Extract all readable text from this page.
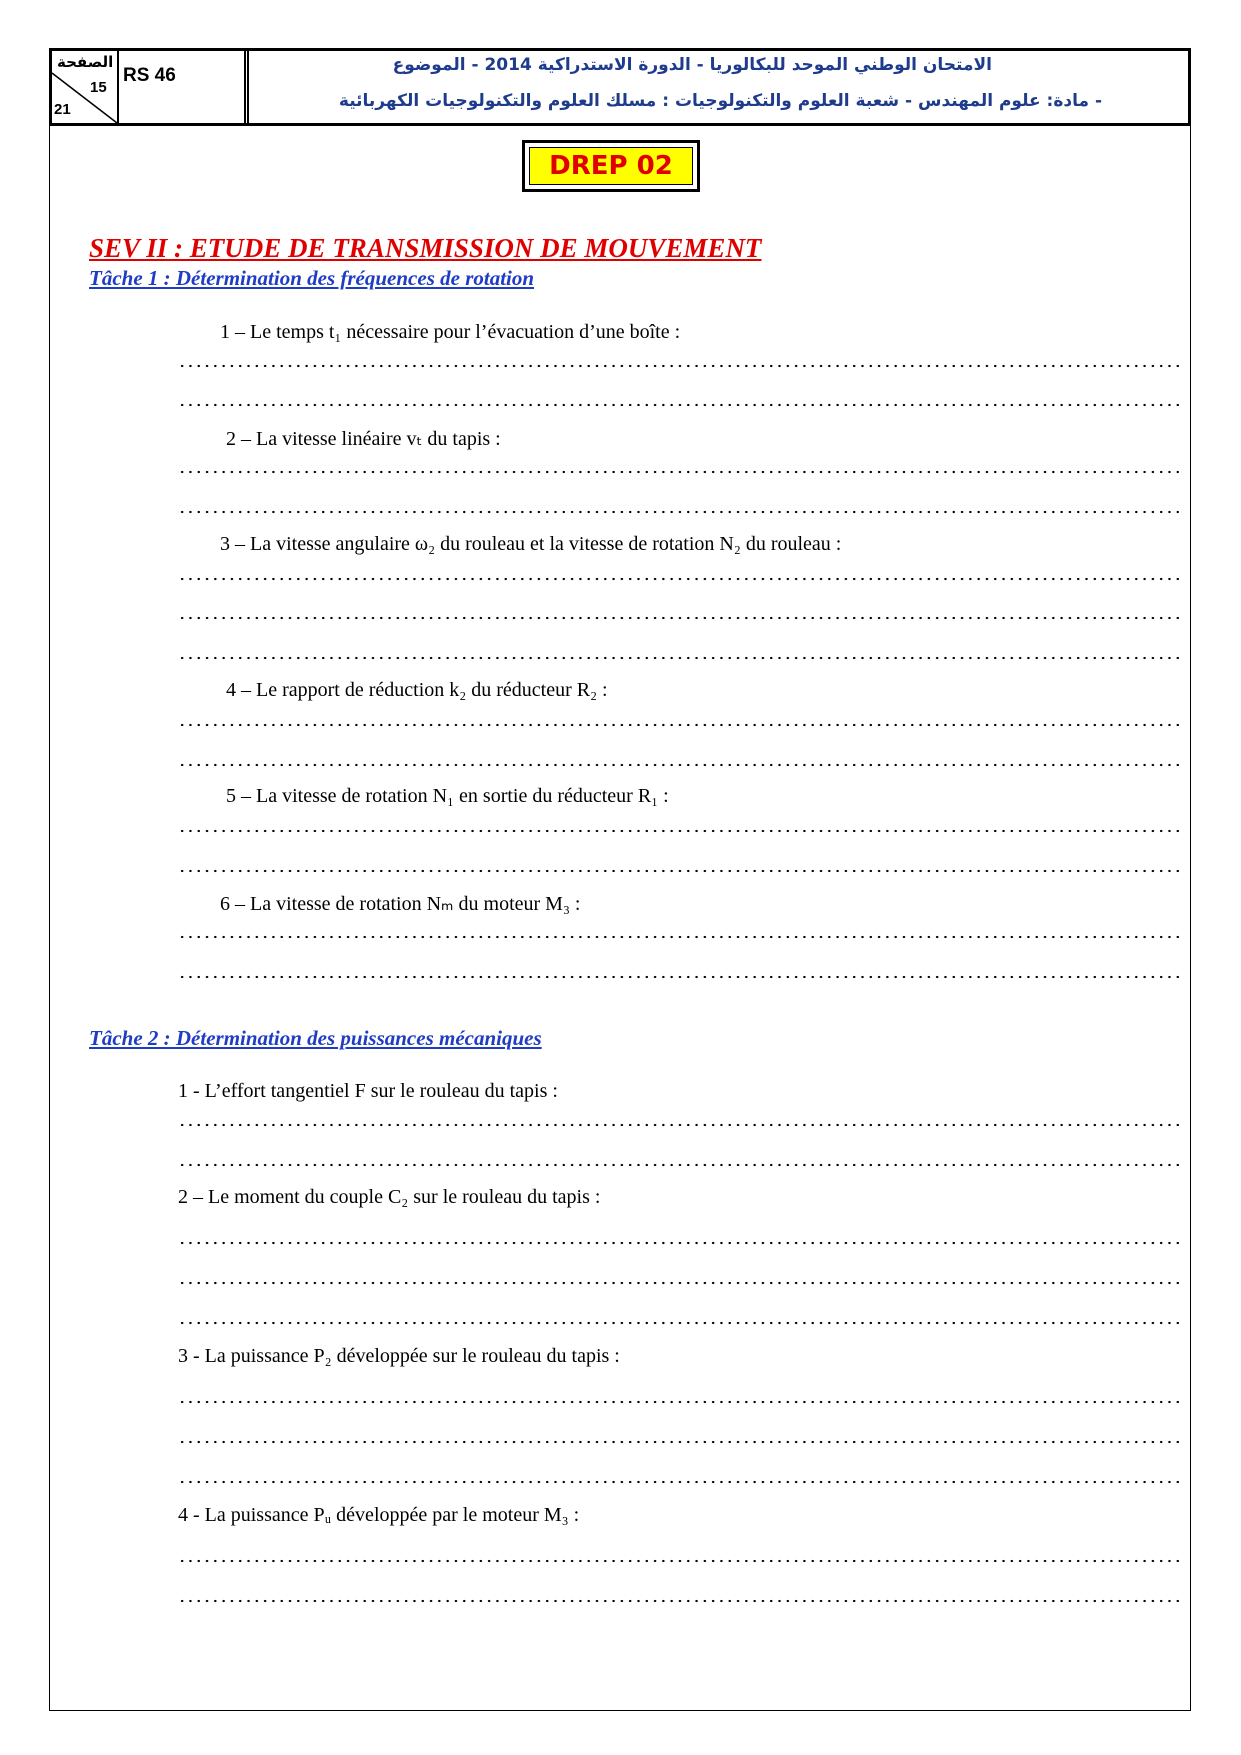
الصفحة
15
21
RS 46	الامتحان الوطني الموحد للبكالوريا - الدورة الاستدراكية 2014 - الموضوع
- مادة: علوم المهندس - شعبة العلوم والتكنولوجيات : مسلك العلوم والتكنولوجيات الكهربائية
DREP 02
SEV II : ETUDE DE TRANSMISSION DE MOUVEMENT
Tâche 1 : Détermination des fréquences de rotation
1 – Le temps t₁ nécessaire pour l’évacuation d’une boîte :
2 – La vitesse linéaire vₜ du tapis :
3 – La vitesse angulaire ω₂ du rouleau et la vitesse de rotation N₂ du rouleau :
4 – Le rapport de réduction k₂ du réducteur R₂ :
5 – La vitesse de rotation N₁ en sortie du réducteur R₁ :
6 – La vitesse de rotation Nₘ du moteur M₃ :
Tâche 2 : Détermination des puissances mécaniques
1 - L’effort tangentiel F sur le rouleau du tapis :
2 – Le moment du couple C₂ sur le rouleau du tapis :
3 - La puissance P₂ développée sur le rouleau du tapis :
4 - La puissance Pᵤ développée par le moteur M₃ :
